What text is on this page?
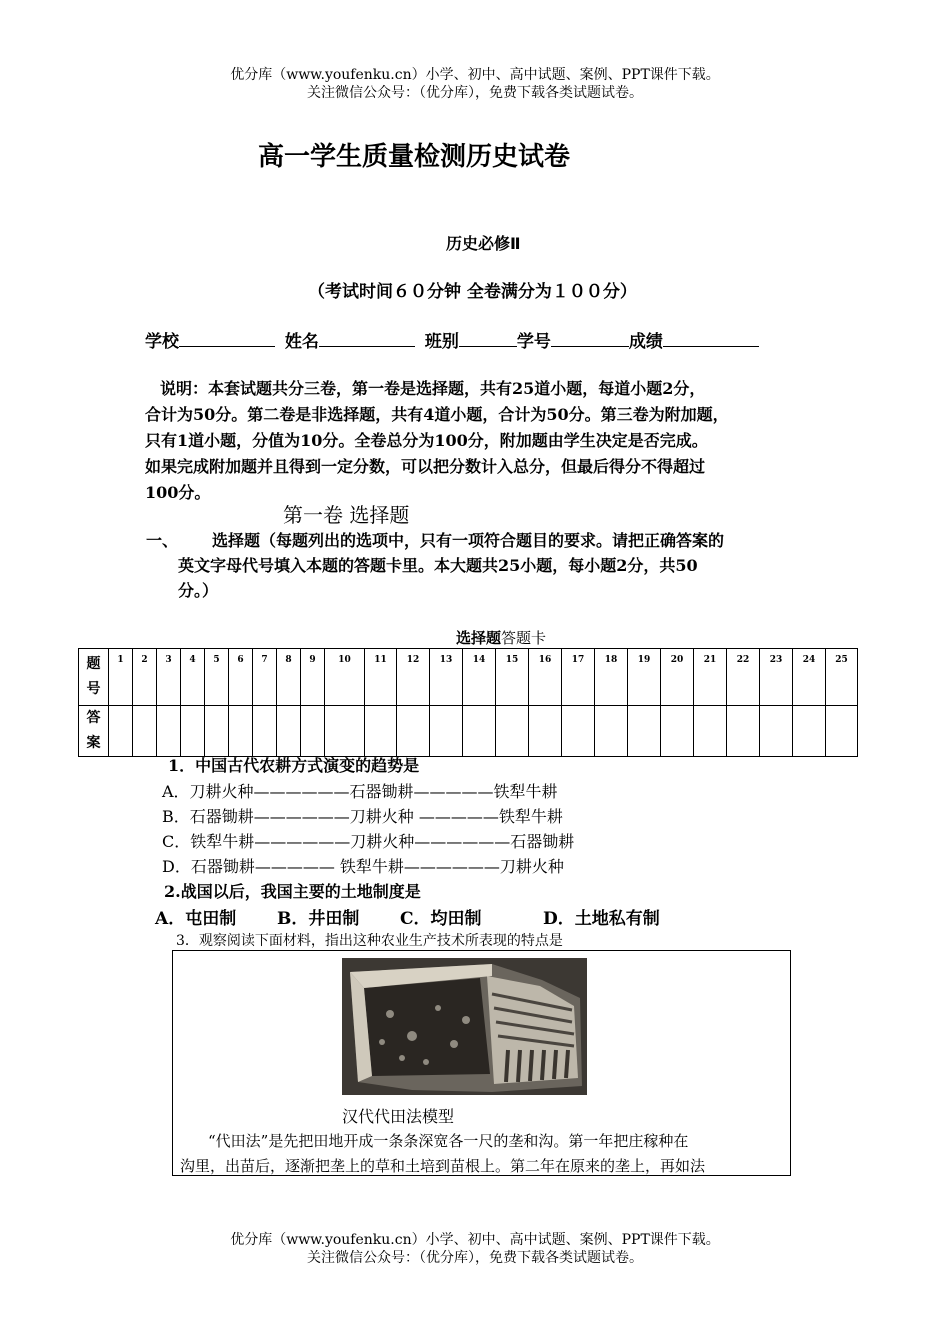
优分库（www.youfenku.cn）小学、初中、高中试题、案例、PPT课件下载。
关注微信公众号：（优分库），免费下载各类试题试卷。
高一学生质量检测历史试卷
历史必修Ⅱ
（考试时间６０分钟 全卷满分为１００分）
学校	姓名	班别	学号	成绩
说明：本套试题共分三卷，第一卷是选择题，共有25道小题，每道小题2分，
合计为50分。第二卷是非选择题，共有4道小题，合计为50分。第三卷为附加题，
只有1道小题，分值为10分。全卷总分为100分，附加题由学生决定是否完成。
如果完成附加题并且得到一定分数，可以把分数计入总分，但最后得分不得超过
100分。
第一卷 选择题
一、 选择题（每题列出的选项中，只有一项符合题目的要求。请把正确答案的
英文字母代号填入本题的答题卡里。本大题共25小题，每小题2分，共50
分。）
选择题答题卡
题
号	1	2	3	4	5	6	7	8	9	10	11	12	13	14	15	16	17	18	19	20	21	22	23	24	25
答
案																									
1．中国古代农耕方式演变的趋势是
A．刀耕火种——————石器锄耕—————铁犁牛耕
B．石器锄耕——————刀耕火种 —————铁犁牛耕
C．铁犁牛耕——————刀耕火种——————石器锄耕
D．石器锄耕————— 铁犁牛耕——————刀耕火种
2.战国以后，我国主要的土地制度是
A．屯田制 B．井田制 C．均田制	D．土地私有制
3．观察阅读下面材料，指出这种农业生产技术所表现的特点是
汉代代田法模型
“代田法”是先把田地开成一条条深宽各一尺的垄和沟。第一年把庄稼种在
沟里，出苗后，逐渐把垄上的草和土培到苗根上。第二年在原来的垄上，再如法
优分库（www.youfenku.cn）小学、初中、高中试题、案例、PPT课件下载。
关注微信公众号：（优分库），免费下载各类试题试卷。
